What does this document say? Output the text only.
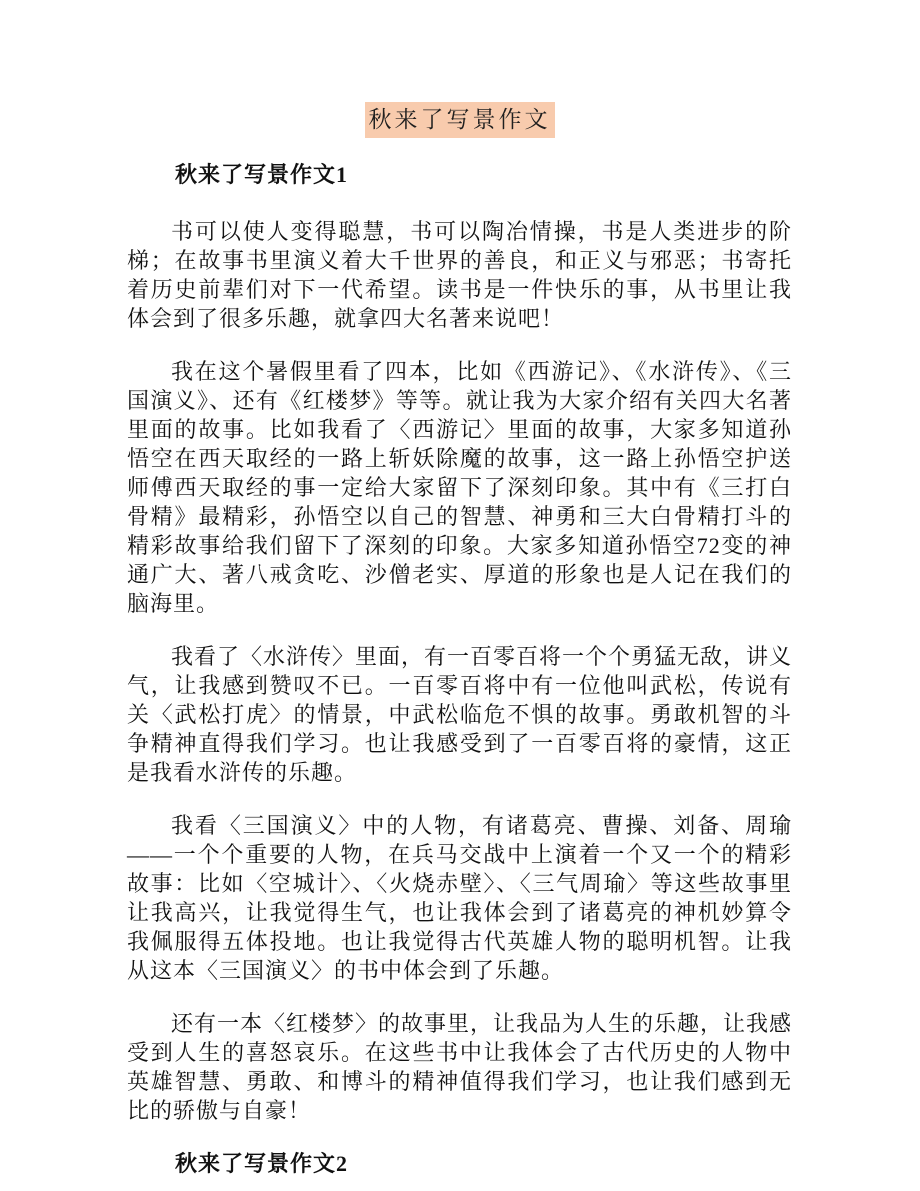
秋来了写景作文
秋来了写景作文1

书可以使人变得聪慧，书可以陶冶情操，书是人类进步的阶梯；在故事书里演义着大千世界的善良，和正义与邪恶；书寄托着历史前辈们对下一代希望。读书是一件快乐的事，从书里让我体会到了很多乐趣，就拿四大名著来说吧！

我在这个暑假里看了四本，比如《西游记》、《水浒传》、《三国演义》、还有《红楼梦》等等。就让我为大家介绍有关四大名著里面的故事。比如我看了〈西游记〉里面的故事，大家多知道孙悟空在西天取经的一路上斩妖除魔的故事，这一路上孙悟空护送师傅西天取经的事一定给大家留下了深刻印象。其中有《三打白骨精》最精彩，孙悟空以自己的智慧、神勇和三大白骨精打斗的精彩故事给我们留下了深刻的印象。大家多知道孙悟空72变的神通广大、著八戒贪吃、沙僧老实、厚道的形象也是人记在我们的脑海里。

我看了〈水浒传〉里面，有一百零百将一个个勇猛无敌，讲义气，让我感到赞叹不已。一百零百将中有一位他叫武松，传说有关〈武松打虎〉的情景，中武松临危不惧的故事。勇敢机智的斗争精神直得我们学习。也让我感受到了一百零百将的豪情，这正是我看水浒传的乐趣。

我看〈三国演义〉中的人物，有诸葛亮、曹操、刘备、周瑜——一个个重要的人物，在兵马交战中上演着一个又一个的精彩故事：比如〈空城计〉、〈火烧赤壁〉、〈三气周瑜〉等这些故事里让我高兴，让我觉得生气，也让我体会到了诸葛亮的神机妙算令我佩服得五体投地。也让我觉得古代英雄人物的聪明机智。让我从这本〈三国演义〉的书中体会到了乐趣。

还有一本〈红楼梦〉的故事里，让我品为人生的乐趣，让我感受到人生的喜怒哀乐。在这些书中让我体会了古代历史的人物中英雄智慧、勇敢、和博斗的精神值得我们学习，也让我们感到无比的骄傲与自豪！

秋来了写景作文2
